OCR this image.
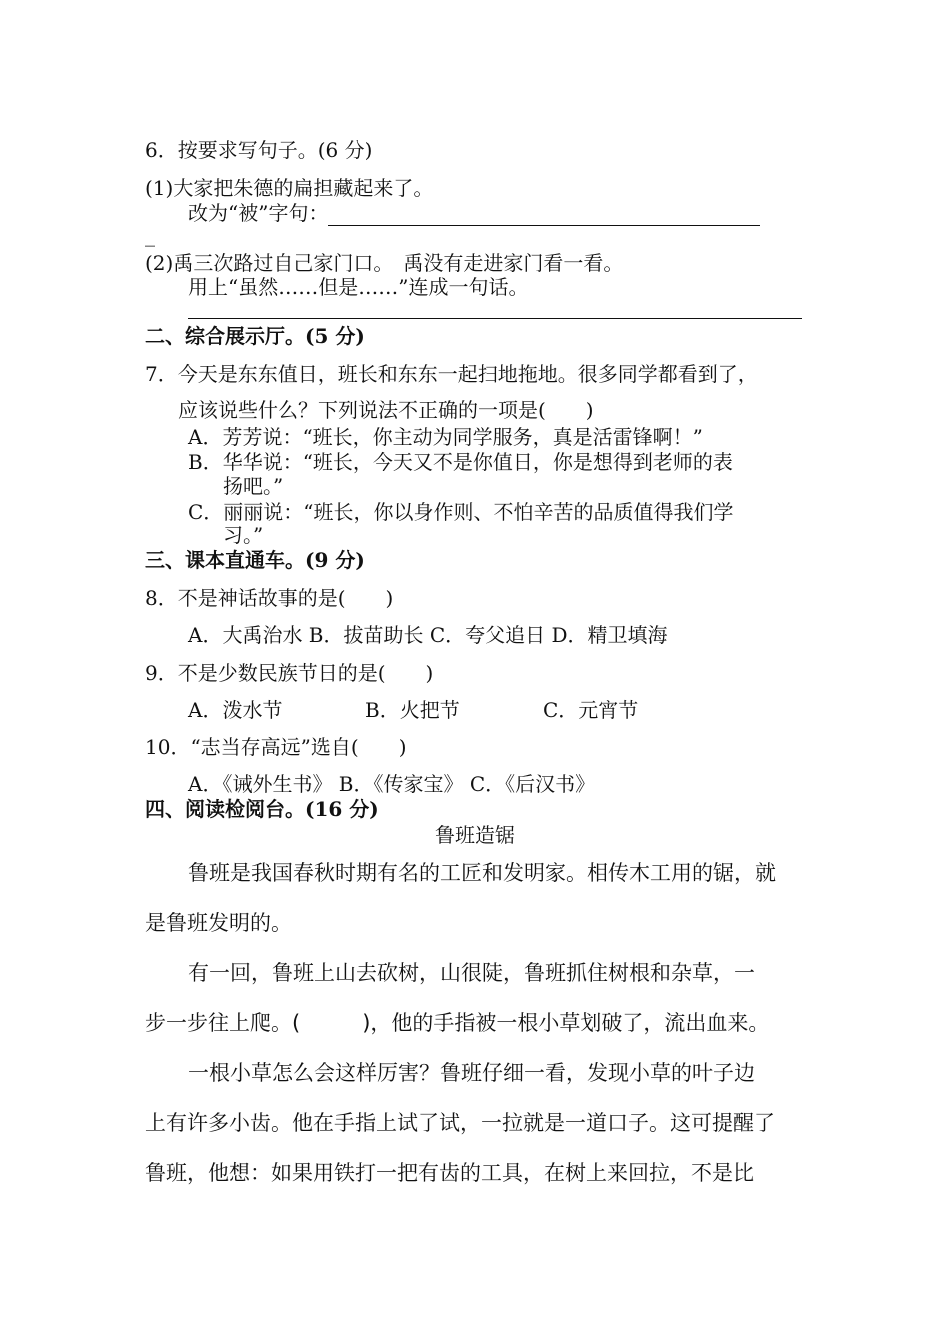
6．按要求写句子。(6 分)
(1)大家把朱德的扁担藏起来了。
改为“被”字句：
_
(2)禹三次路过自己家门口。　禹没有走进家门看一看。
用上“虽然……但是……”连成一句话。
二、综合展示厅。(5 分)
7．今天是东东值日，班长和东东一起扫地拖地。很多同学都看到了，
应该说些什么？下列说法不正确的一项是(　　)
A．芳芳说：“班长，你主动为同学服务，真是活雷锋啊！”
B．华华说：“班长，今天又不是你值日，你是想得到老师的表
扬吧。”
C．丽丽说：“班长，你以身作则、不怕辛苦的品质值得我们学
习。”
三、课本直通车。(9 分)
8．不是神话故事的是(　　)
A．大禹治水 B．拔苗助长 C．夸父追日 D．精卫填海
9．不是少数民族节日的是(　　)
A．泼水节	B．火把节	C．元宵节
10．“志当存高远”选自(　　)
A．《诫外生书》 B．《传家宝》 C．《后汉书》
四、阅读检阅台。(16 分)
鲁班造锯
鲁班是我国春秋时期有名的工匠和发明家。相传木工用的锯，就
是鲁班发明的。
有一回，鲁班上山去砍树，山很陡，鲁班抓住树根和杂草，一
步一步往上爬。(	)，他的手指被一根小草划破了，流出血来。
一根小草怎么会这样厉害？鲁班仔细一看，发现小草的叶子边
上有许多小齿。他在手指上试了试，一拉就是一道口子。这可提醒了
鲁班，他想：如果用铁打一把有齿的工具，在树上来回拉，不是比
